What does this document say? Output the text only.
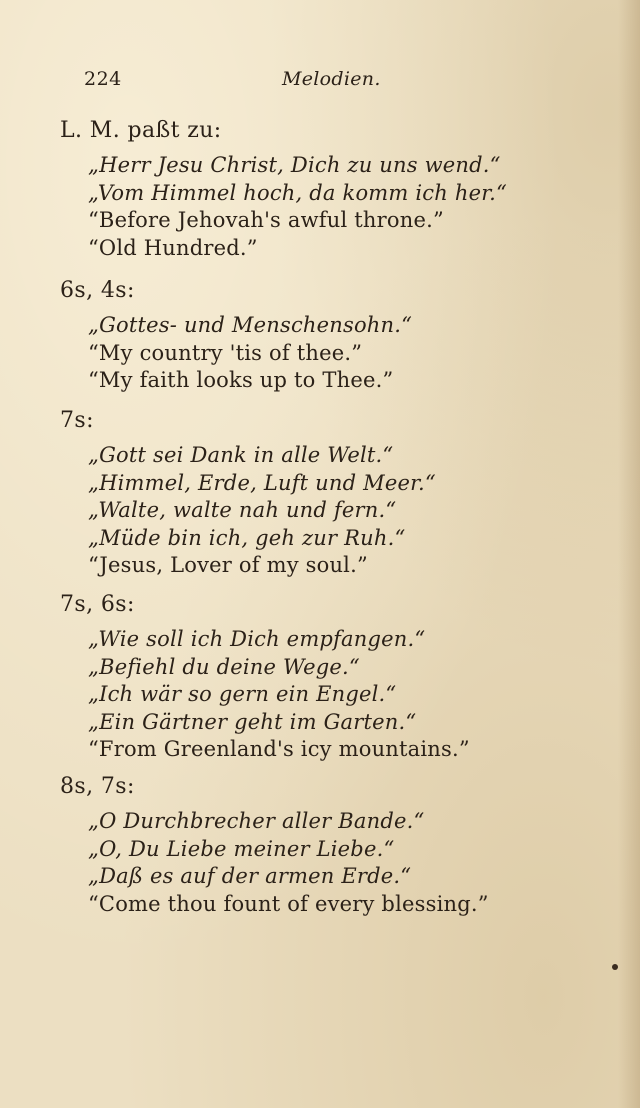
224	Melodien.
L. M. paßt zu:
„Herr Jesu Christ, Dich zu uns wend.“
„Vom Himmel hoch, da komm ich her.“
“Before Jehovah's awful throne.”
“Old Hundred.”
6s, 4s:
„Gottes- und Menschensohn.“
“My country 'tis of thee.”
“My faith looks up to Thee.”
7s:
„Gott sei Dank in alle Welt.“
„Himmel, Erde, Luft und Meer.“
„Walte, walte nah und fern.“
„Müde bin ich, geh zur Ruh.“
“Jesus, Lover of my soul.”
7s, 6s:
„Wie soll ich Dich empfangen.“
„Befiehl du deine Wege.“
„Ich wär so gern ein Engel.“
„Ein Gärtner geht im Garten.“
“From Greenland's icy mountains.”
8s, 7s:
„O Durchbrecher aller Bande.“
„O, Du Liebe meiner Liebe.“
„Daß es auf der armen Erde.“
“Come thou fount of every blessing.”
